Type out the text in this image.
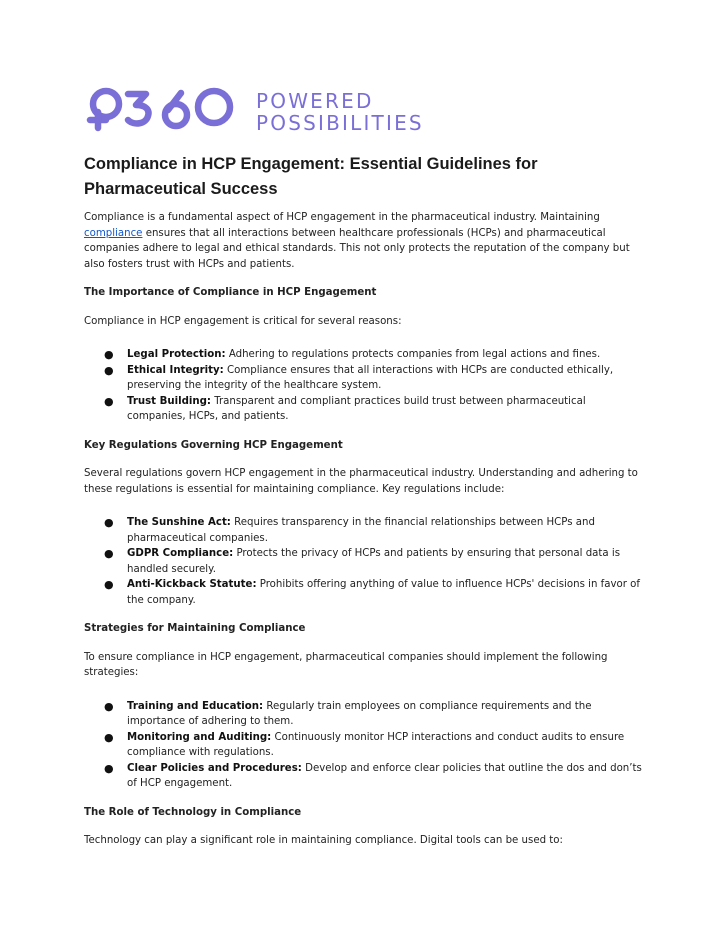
POWERED
POSSIBILITIES
Compliance in HCP Engagement: Essential Guidelines for Pharmaceutical Success

Compliance is a fundamental aspect of HCP engagement in the pharmaceutical industry. Maintaining
compliance ensures that all interactions between healthcare professionals (HCPs) and pharmaceutical companies adhere to legal and ethical standards. This not only protects the reputation of the company but also fosters trust with HCPs and patients.

The Importance of Compliance in HCP Engagement

Compliance in HCP engagement is critical for several reasons:

● Legal Protection: Adhering to regulations protects companies from legal actions and fines.
● Ethical Integrity: Compliance ensures that all interactions with HCPs are conducted ethically, preserving the integrity of the healthcare system.
● Trust Building: Transparent and compliant practices build trust between pharmaceutical companies, HCPs, and patients.
Key Regulations Governing HCP Engagement

Several regulations govern HCP engagement in the pharmaceutical industry. Understanding and adhering to these regulations is essential for maintaining compliance. Key regulations include:

● The Sunshine Act: Requires transparency in the financial relationships between HCPs and pharmaceutical companies.
● GDPR Compliance: Protects the privacy of HCPs and patients by ensuring that personal data is handled securely.
● Anti-Kickback Statute: Prohibits offering anything of value to influence HCPs' decisions in favor of the company.
Strategies for Maintaining Compliance

To ensure compliance in HCP engagement, pharmaceutical companies should implement the following strategies:

● Training and Education: Regularly train employees on compliance requirements and the importance of adhering to them.
● Monitoring and Auditing: Continuously monitor HCP interactions and conduct audits to ensure compliance with regulations.
● Clear Policies and Procedures: Develop and enforce clear policies that outline the dos and don’ts of HCP engagement.
The Role of Technology in Compliance

Technology can play a significant role in maintaining compliance. Digital tools can be used to:
